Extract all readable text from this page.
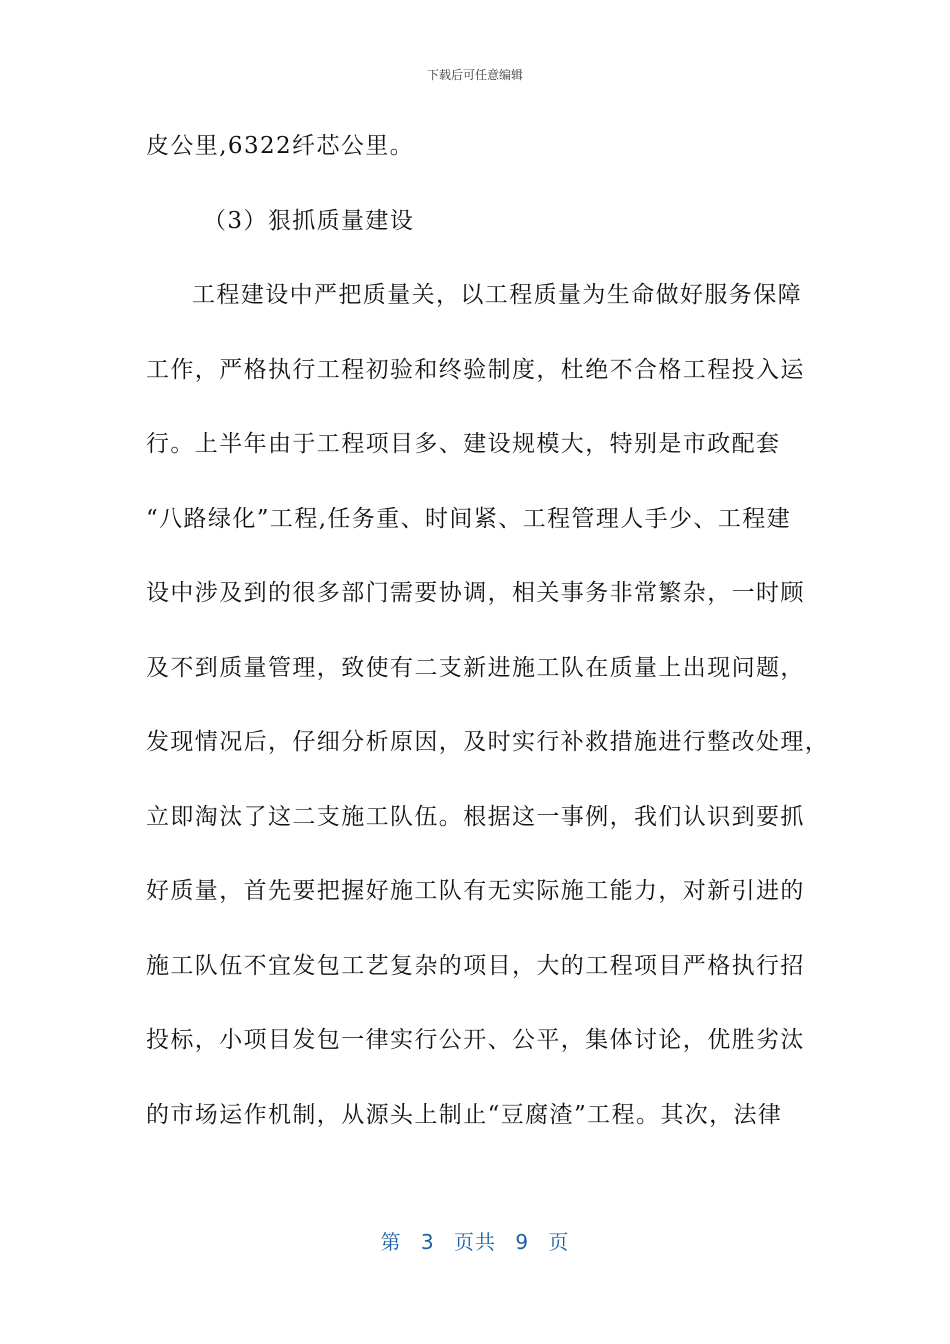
下载后可任意编辑
皮公里,6322纤芯公里。
（3）狠抓质量建设
工程建设中严把质量关，以工程质量为生命做好服务保障
工作，严格执行工程初验和终验制度，杜绝不合格工程投入运
行。上半年由于工程项目多、建设规模大，特别是市政配套
“八路绿化”工程,任务重、时间紧、工程管理人手少、工程建
设中涉及到的很多部门需要协调，相关事务非常繁杂，一时顾
及不到质量管理，致使有二支新进施工队在质量上出现问题，
发现情况后，仔细分析原因，及时实行补救措施进行整改处理，
立即淘汰了这二支施工队伍。根据这一事例，我们认识到要抓
好质量，首先要把握好施工队有无实际施工能力，对新引进的
施工队伍不宜发包工艺复杂的项目，大的工程项目严格执行招
投标，小项目发包一律实行公开、公平，集体讨论，优胜劣汰
的市场运作机制，从源头上制止“豆腐渣”工程。其次，法律
第 3 页共 9 页
